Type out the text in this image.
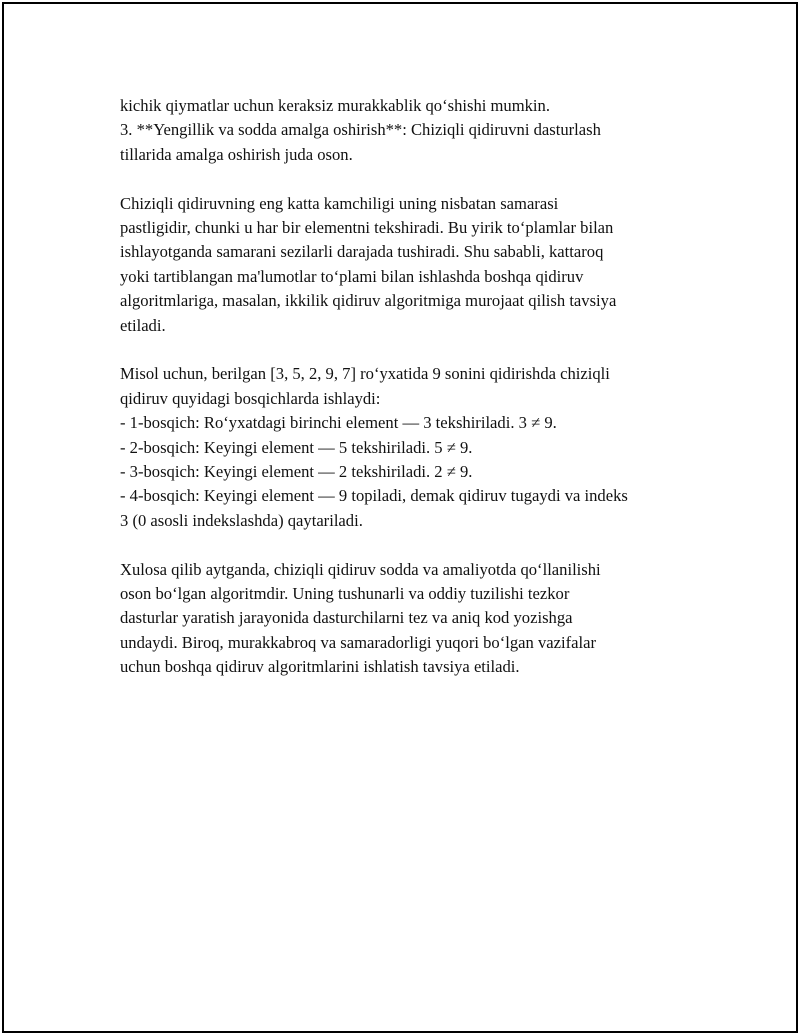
kichik qiymatlar uchun keraksiz murakkablik qo‘shishi mumkin.
3. **Yengillik va sodda amalga oshirish**: Chiziqli qidiruvni dasturlash
tillarida amalga oshirish juda oson.
Chiziqli qidiruvning eng katta kamchiligi uning nisbatan samarasi
pastligidir, chunki u har bir elementni tekshiradi. Bu yirik to‘plamlar bilan
ishlayotganda samarani sezilarli darajada tushiradi. Shu sababli, kattaroq
yoki tartiblangan ma'lumotlar to‘plami bilan ishlashda boshqa qidiruv
algoritmlariga, masalan, ikkilik qidiruv algoritmiga murojaat qilish tavsiya
etiladi.
Misol uchun, berilgan [3, 5, 2, 9, 7] ro‘yxatida 9 sonini qidirishda chiziqli
qidiruv quyidagi bosqichlarda ishlaydi:
- 1-bosqich: Ro‘yxatdagi birinchi element — 3 tekshiriladi. 3 ≠ 9.
- 2-bosqich: Keyingi element — 5 tekshiriladi. 5 ≠ 9.
- 3-bosqich: Keyingi element — 2 tekshiriladi. 2 ≠ 9.
- 4-bosqich: Keyingi element — 9 topiladi, demak qidiruv tugaydi va indeks
3 (0 asosli indekslashda) qaytariladi.
Xulosa qilib aytganda, chiziqli qidiruv sodda va amaliyotda qo‘llanilishi
oson bo‘lgan algoritmdir. Uning tushunarli va oddiy tuzilishi tezkor
dasturlar yaratish jarayonida dasturchilarni tez va aniq kod yozishga
undaydi. Biroq, murakkabroq va samaradorligi yuqori bo‘lgan vazifalar
uchun boshqa qidiruv algoritmlarini ishlatish tavsiya etiladi.
